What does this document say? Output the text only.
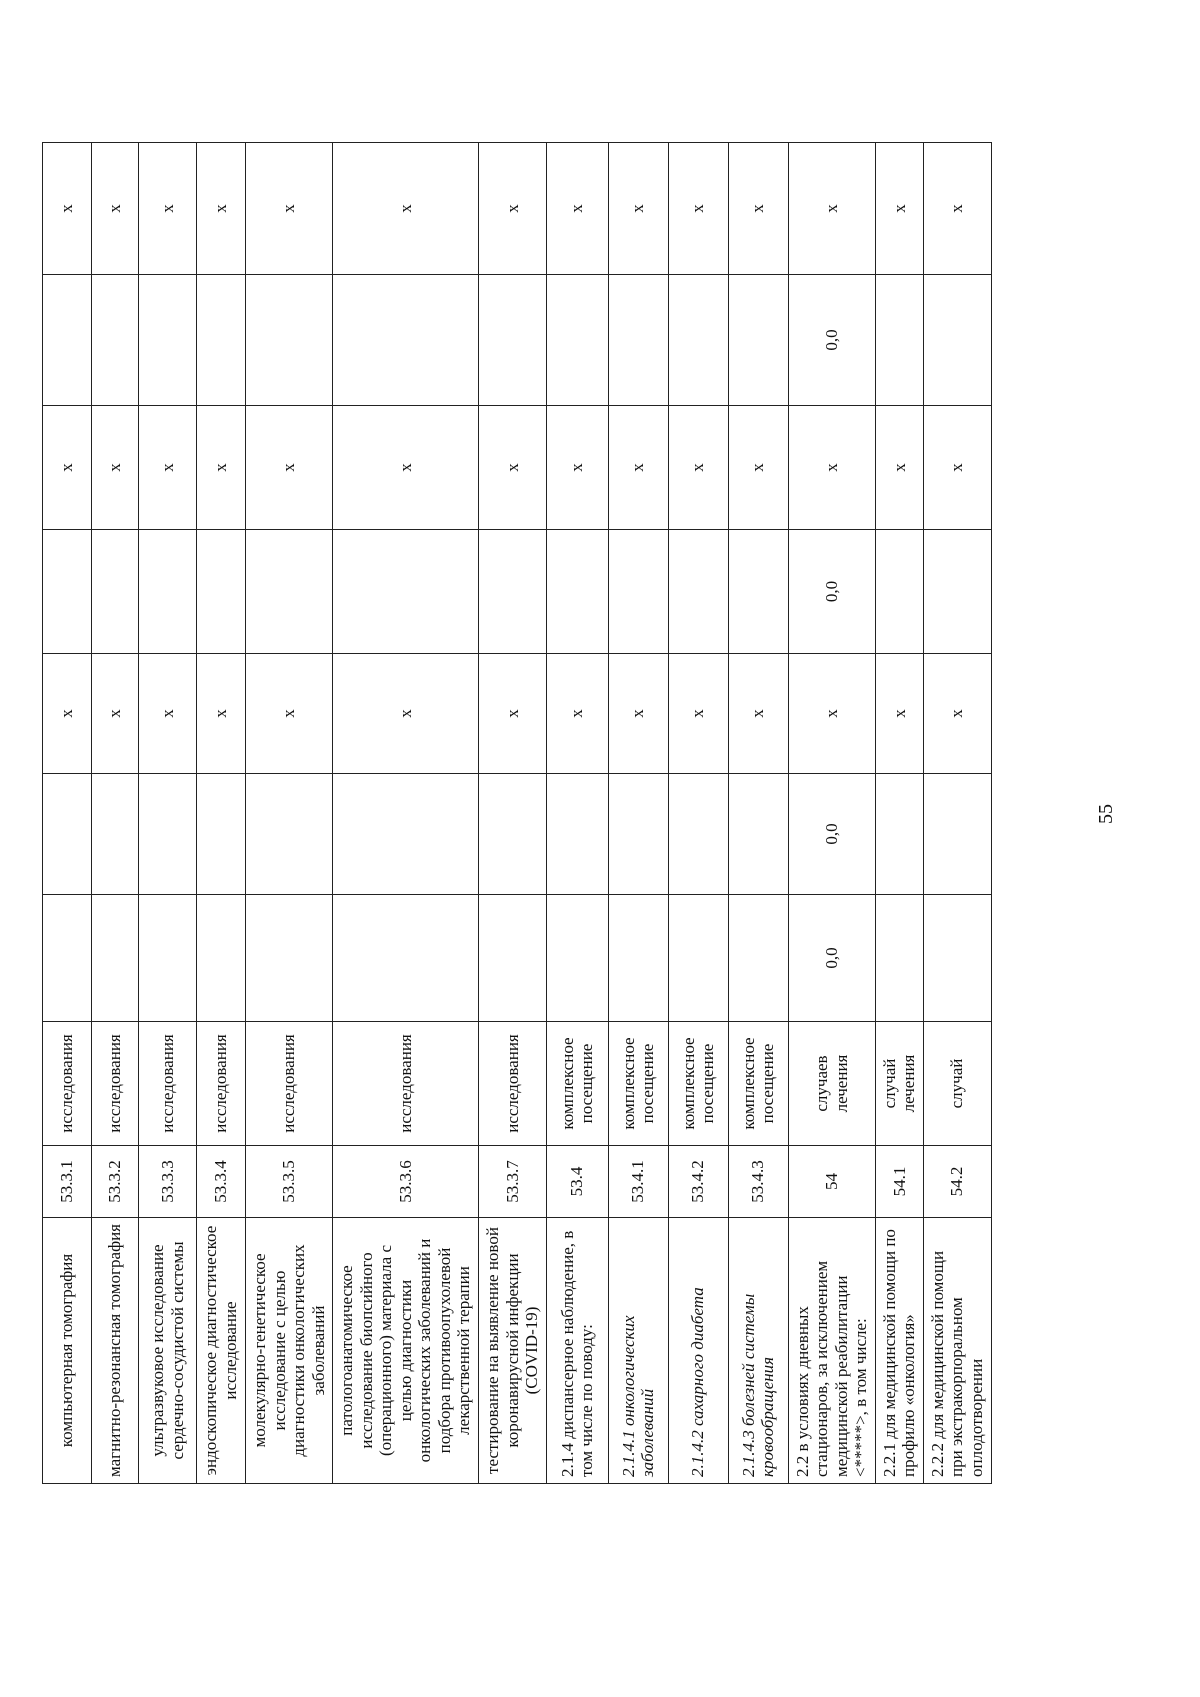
компьютерная томография	53.3.1	исследования			х		х		х
магнитно-резонансная томография	53.3.2	исследования			х		х		х
ультразвуковое исследование сердечно-сосудистой системы	53.3.3	исследования			х		х		х
эндоскопическое диагностическое исследование	53.3.4	исследования			х		х		х
молекулярно-генетическое исследование с целью диагностики онкологических заболеваний	53.3.5	исследования			х		х		х
патологоанатомическое исследование биопсийного (операционного) материала с целью диагностики онкологических заболеваний и подбора противоопухолевой лекарственной терапии	53.3.6	исследования			х		х		х
тестирование на выявление новой коронавирусной инфекции (COVID-19)	53.3.7	исследования			х		х		х
2.1.4 диспансерное наблюдение, в том числе по поводу:	53.4	комплексное посещение			х		х		х
2.1.4.1 онкологических заболеваний	53.4.1	комплексное посещение			х		х		х
2.1.4.2 сахарного диабета	53.4.2	комплексное посещение			х		х		х
2.1.4.3 болезней системы кровообращения	53.4.3	комплексное посещение			х		х		х
2.2 в условиях дневных стационаров, за исключением медицинской реабилитации <*****>, в том числе:	54	случаев лечения	0,0	0,0	х	0,0	х	0,0	х
2.2.1 для медицинской помощи по профилю «онкология»	54.1	случай лечения			х		х		х
2.2.2 для медицинской помощи при экстракорпоральном оплодотворении	54.2	случай			х		х		х
55
